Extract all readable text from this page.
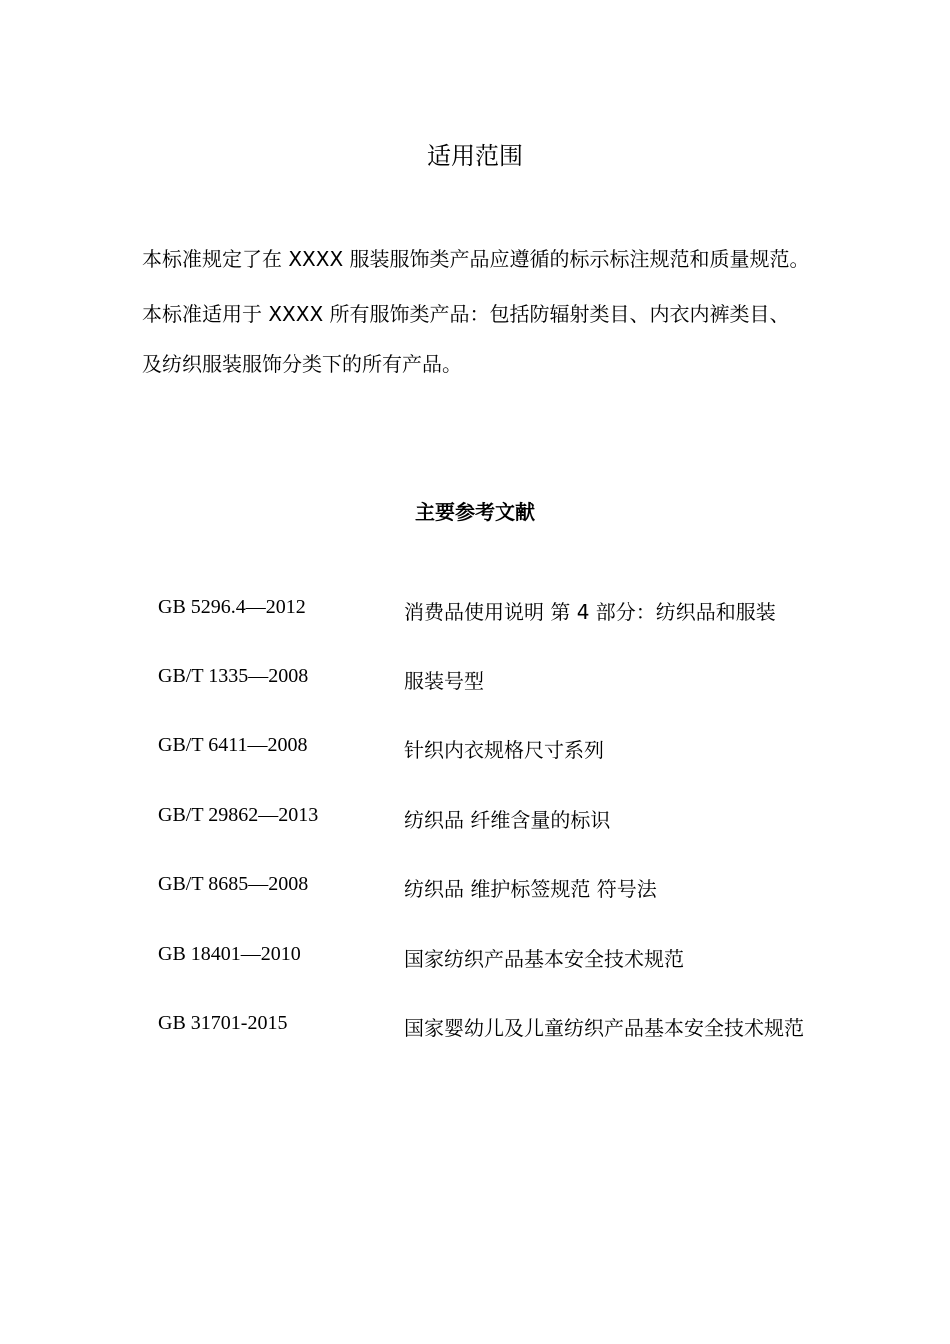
适用范围
本标准规定了在 XXXX 服装服饰类产品应遵循的标示标注规范和质量规范。
本标准适用于 XXXX 所有服饰类产品：包括防辐射类目、内衣内裤类目、
及纺织服装服饰分类下的所有产品。
主要参考文献
GB 5296.4—2012	消费品使用说明 第 4 部分：纺织品和服装
GB/T 1335—2008	服装号型
GB/T 6411—2008	针织内衣规格尺寸系列
GB/T 29862—2013	纺织品 纤维含量的标识
GB/T 8685—2008	纺织品 维护标签规范 符号法
GB 18401—2010	国家纺织产品基本安全技术规范
GB 31701-2015	国家婴幼儿及儿童纺织产品基本安全技术规范
